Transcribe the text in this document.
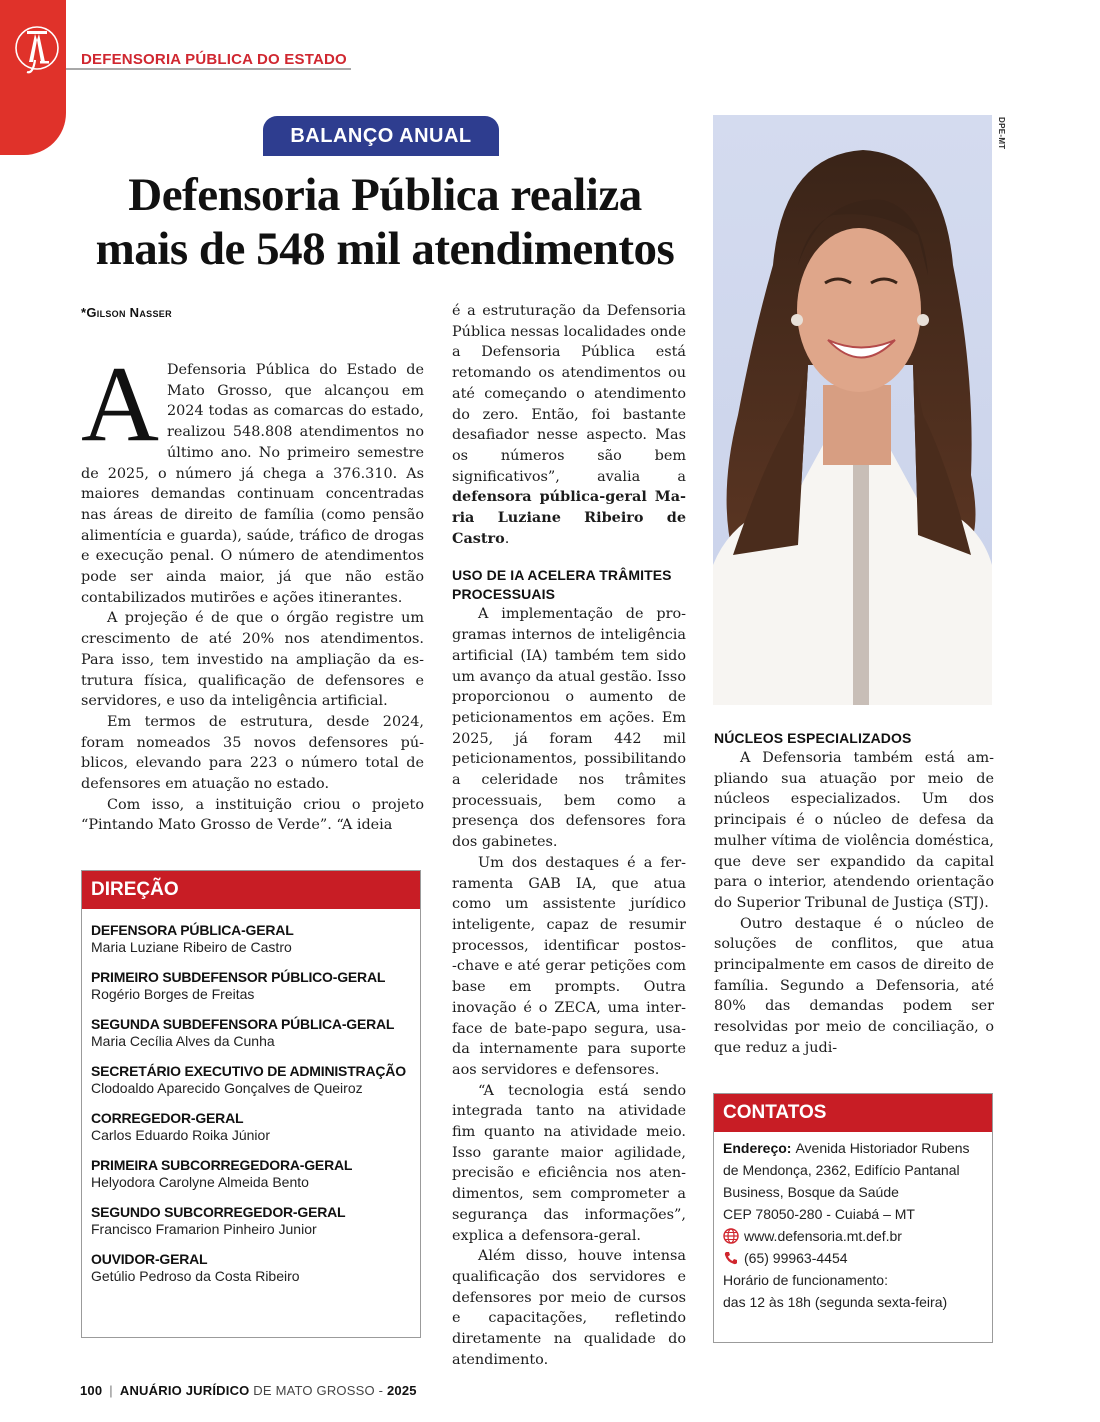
DEFENSORIA PÚBLICA DO ESTADO
BALANÇO ANUAL
Defensoria Pública realiza
mais de 548 mil atendimentos
*Gilson Nasser

A Defensoria Pública do Estado de Mato Grosso, que alcançou em 2024 todas as comarcas do estado, realizou 548.808 atendimentos no último ano. No primeiro semestre de 2025, o número já chega a 376.310. As maiores demandas continuam concentradas nas áreas de direito de família (como pensão alimentícia e guarda), saúde, tráfico de drogas e execução penal. O número de atendimentos pode ser ainda maior, já que não estão contabilizados mutirões e ações itinerantes.

A projeção é de que o órgão registre um crescimento de até 20% nos atendimentos. Para isso, tem investido na ampliação da estrutura física, qualificação de defensores e servidores, e uso da inteligência artificial.

Em termos de estrutura, desde 2024, foram nomeados 35 novos defensores públicos, elevando para 223 o número total de defensores em atuação no estado.

Com isso, a instituição criou o projeto “Pintando Mato Grosso de Verde”. “A ideia

é a estruturação da Defensoria Pública nessas localidades onde a Defensoria Pública está retomando os atendimentos ou até começando o atendimento do zero. Então, foi bastante desafiador nesse aspecto. Mas os números são bem significativos”, avalia a defensora pública-geral Maria Luziane Ribeiro de Castro.

USO DE IA ACELERA TRÂMITES PROCESSUAIS

A implementação de programas internos de inteligência artificial (IA) também tem sido um avanço da atual gestão. Isso proporcionou o aumento de peticionamentos em ações. Em 2025, já foram 442 mil peticionamentos, possibilitando a celeridade nos trâmites processuais, bem como a presença dos defensores fora dos gabinetes.

Um dos destaques é a ferramenta GAB IA, que atua como um assistente jurídico inteligente, capaz de resumir processos, identificar postos-‑chave e até gerar petições com base em prompts. Outra inovação é o ZECA, uma interface de bate-papo segura, usada internamente para suporte aos servidores e defensores.

“A tecnologia está sendo integrada tanto na atividade fim quanto na atividade meio. Isso garante maior agilidade, precisão e eficiência nos atendimentos, sem comprometer a segurança das informações”, explica a defensora-geral.

Além disso, houve intensa qualificação dos servidores e defensores por meio de cursos e capacitações, refletindo diretamente na qualidade do atendimento.

DPE-MT
NÚCLEOS ESPECIALIZADOS

A Defensoria também está ampliando sua atuação por meio de núcleos especializados. Um dos principais é o núcleo de defesa da mulher vítima de violência doméstica, que deve ser expandido da capital para o interior, atendendo orientação do Superior Tribunal de Justiça (STJ).

Outro destaque é o núcleo de soluções de conflitos, que atua principalmente em casos de direito de família. Segundo a Defensoria, até 80% das demandas podem ser resolvidas por meio de conciliação, o que reduz a judi-

DIREÇÃO
DEFENSORA PÚBLICA-GERAL
Maria Luziane Ribeiro de Castro
PRIMEIRO SUBDEFENSOR PÚBLICO-GERAL
Rogério Borges de Freitas
SEGUNDA SUBDEFENSORA PÚBLICA-GERAL
Maria Cecília Alves da Cunha
SECRETÁRIO EXECUTIVO DE ADMINISTRAÇÃO
Clodoaldo Aparecido Gonçalves de Queiroz
CORREGEDOR-GERAL
Carlos Eduardo Roika Júnior
PRIMEIRA SUBCORREGEDORA-GERAL
Helyodora Carolyne Almeida Bento
SEGUNDO SUBCORREGEDOR-GERAL
Francisco Framarion Pinheiro Junior
OUVIDOR-GERAL
Getúlio Pedroso da Costa Ribeiro
CONTATOS
Endereço: Avenida Historiador Rubens
de Mendonça, 2362, Edifício Pantanal
Business, Bosque da Saúde
CEP 78050-280 - Cuiabá – MT
www.defensoria.mt.def.br
(65) 99963-4454
Horário de funcionamento:
das 12 às 18h (segunda sexta-feira)
100 | ANUÁRIO JURÍDICO DE MATO GROSSO - 2025
